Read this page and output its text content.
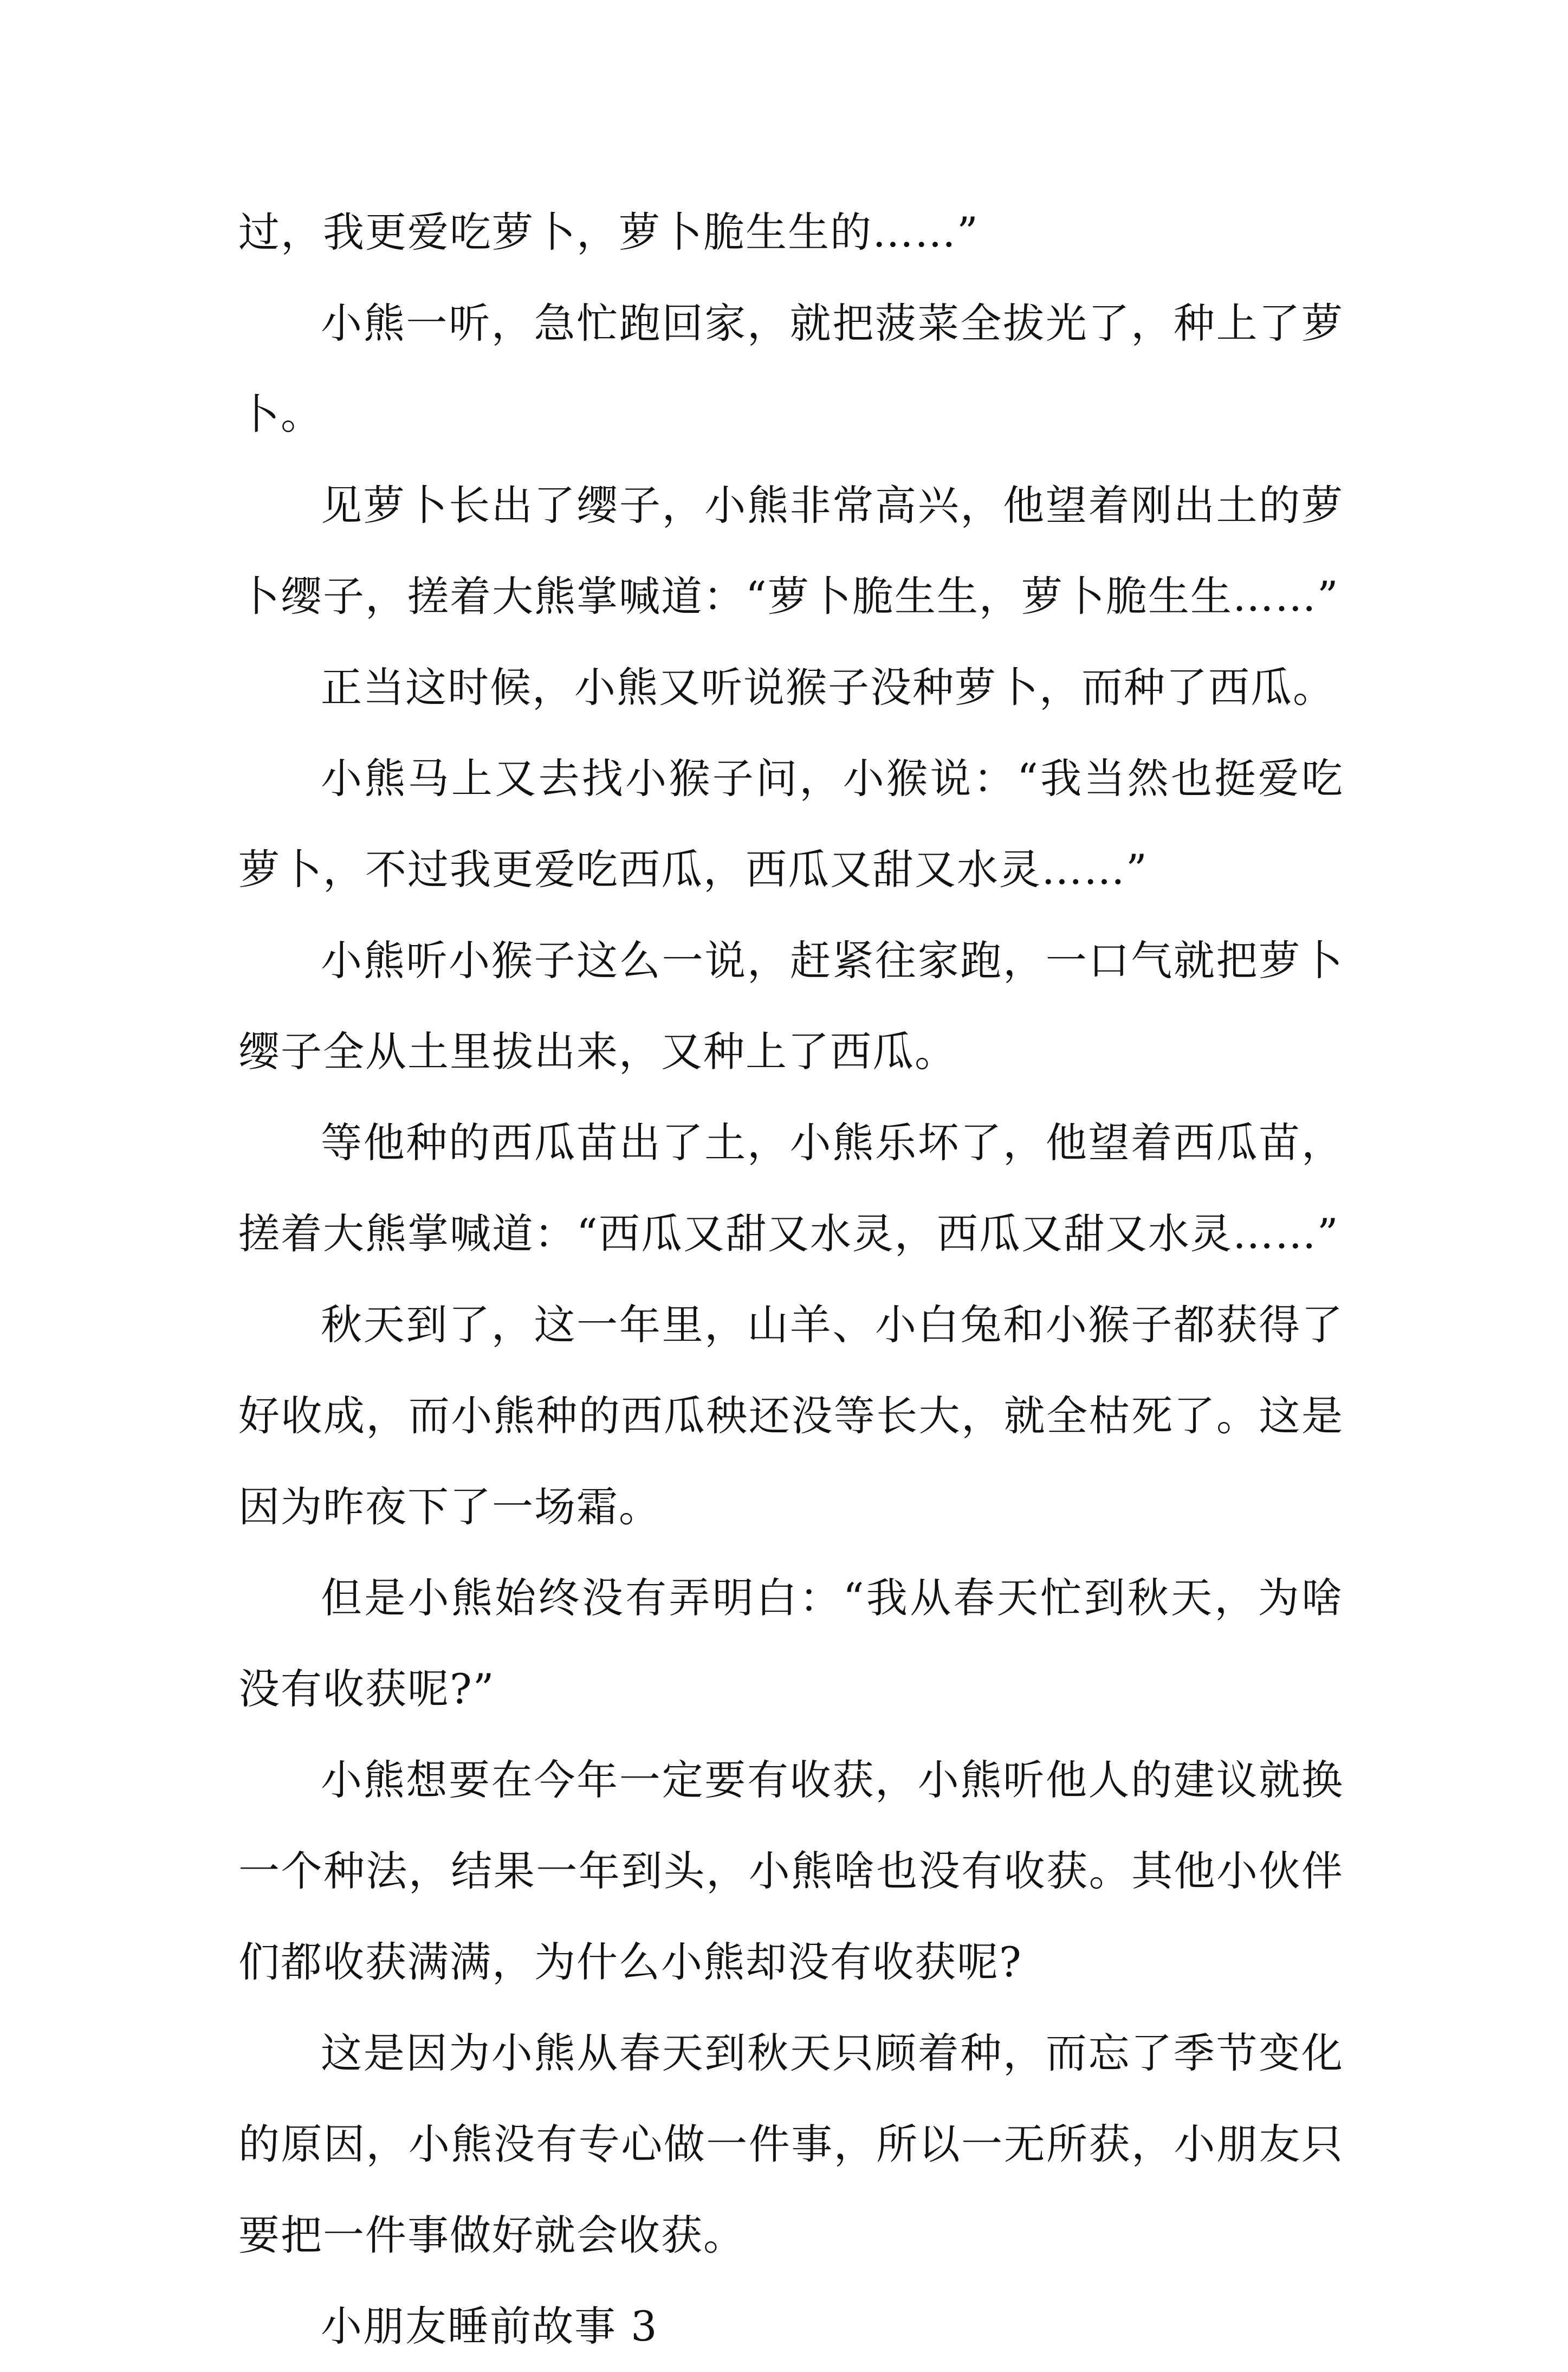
过，我更爱吃萝卜，萝卜脆生生的……”

小熊一听，急忙跑回家，就把菠菜全拔光了，种上了萝卜。

见萝卜长出了缨子，小熊非常高兴，他望着刚出土的萝卜缨子，搓着大熊掌喊道：“萝卜脆生生，萝卜脆生生……”

正当这时候，小熊又听说猴子没种萝卜，而种了西瓜。

小熊马上又去找小猴子问，小猴说：“我当然也挺爱吃萝卜，不过我更爱吃西瓜，西瓜又甜又水灵……”

小熊听小猴子这么一说，赶紧往家跑，一口气就把萝卜缨子全从土里拔出来，又种上了西瓜。

等他种的西瓜苗出了土，小熊乐坏了，他望着西瓜苗，搓着大熊掌喊道：“西瓜又甜又水灵，西瓜又甜又水灵……”

秋天到了，这一年里，山羊、小白兔和小猴子都获得了好收成，而小熊种的西瓜秧还没等长大，就全枯死了。这是因为昨夜下了一场霜。

但是小熊始终没有弄明白：“我从春天忙到秋天，为啥没有收获呢?”

小熊想要在今年一定要有收获，小熊听他人的建议就换一个种法，结果一年到头，小熊啥也没有收获。其他小伙伴们都收获满满，为什么小熊却没有收获呢?

这是因为小熊从春天到秋天只顾着种，而忘了季节变化的原因，小熊没有专心做一件事，所以一无所获，小朋友只要把一件事做好就会收获。

小朋友睡前故事 3
